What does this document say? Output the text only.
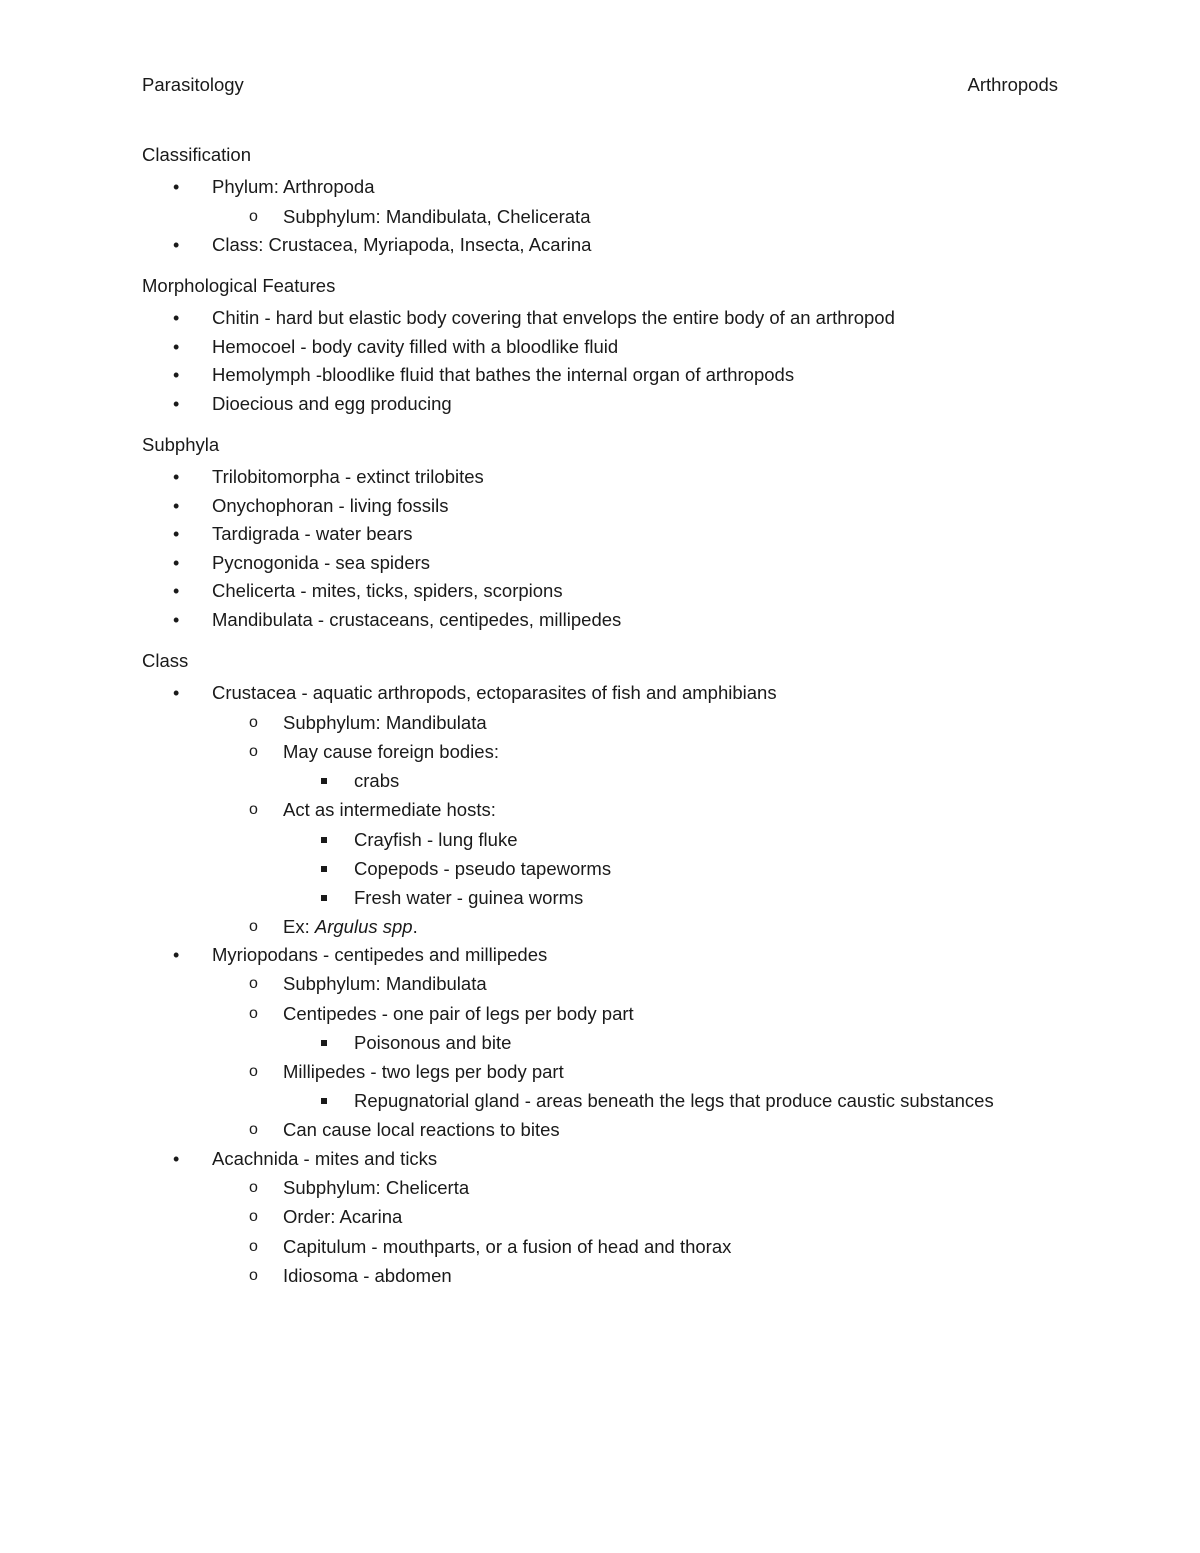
Parasitology	Arthropods

Classification

• Phylum: Arthropoda
o Subphylum: Mandibulata, Chelicerata
• Class: Crustacea, Myriapoda, Insecta, Acarina

Morphological Features

• Chitin - hard but elastic body covering that envelops the entire body of an arthropod
• Hemocoel - body cavity filled with a bloodlike fluid
• Hemolymph -bloodlike fluid that bathes the internal organ of arthropods
• Dioecious and egg producing

Subphyla

• Trilobitomorpha - extinct trilobites
• Onychophoran - living fossils
• Tardigrada - water bears
• Pycnogonida - sea spiders
• Chelicerta - mites, ticks, spiders, scorpions
• Mandibulata - crustaceans, centipedes, millipedes

Class

• Crustacea - aquatic arthropods, ectoparasites of fish and amphibians
o Subphylum: Mandibulata
o May cause foreign bodies:
crabs
o Act as intermediate hosts:
Crayfish - lung fluke
Copepods - pseudo tapeworms
Fresh water - guinea worms
o Ex: Argulus spp.
• Myriopodans - centipedes and millipedes
o Subphylum: Mandibulata
o Centipedes - one pair of legs per body part
Poisonous and bite
o Millipedes - two legs per body part
Repugnatorial gland - areas beneath the legs that produce caustic substances
o Can cause local reactions to bites
• Acachnida - mites and ticks
o Subphylum: Chelicerta
o Order: Acarina
o Capitulum - mouthparts, or a fusion of head and thorax
o Idiosoma - abdomen
